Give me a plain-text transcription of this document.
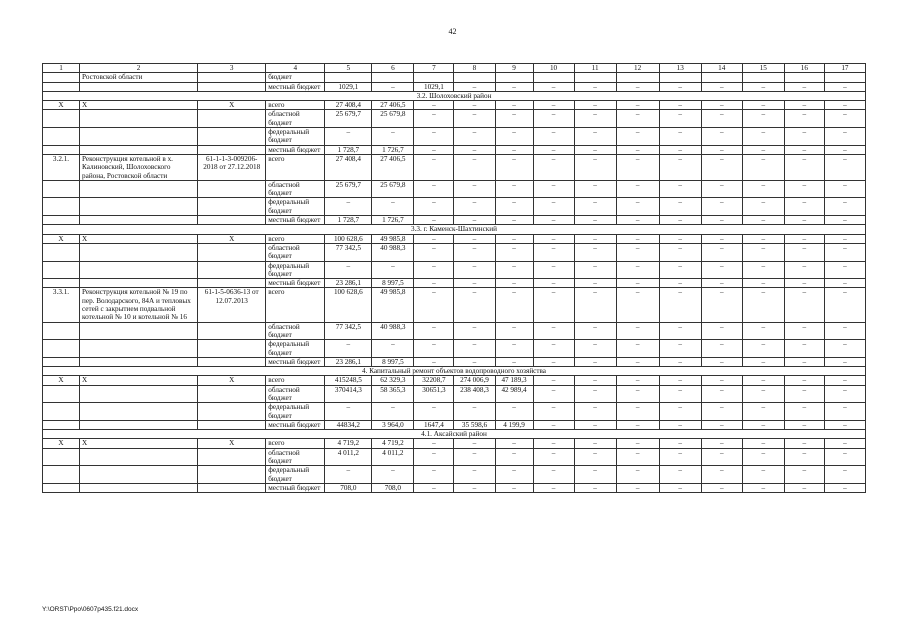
42
1	2	3	4	5	6	7	8	9	10	11	12	13	14	15	16	17
	Ростовской области		бюджет													
			местный бюджет	1029,1	–	1029,1	–	–	–	–	–	–	–	–	–	–
3.2. Шолоховский район																
Х	Х	Х	всего	27 408,4	27 406,5	–	–	–	–	–	–	–	–	–	–	–
			областной бюджет	25 679,7	25 679,8	–	–	–	–	–	–	–	–	–	–	–
			федеральный бюджет	–	–	–	–	–	–	–	–	–	–	–	–	–
			местный бюджет	1 728,7	1 726,7	–	–	–	–	–	–	–	–	–	–	–
3.2.1.	Реконструкция котельной в х. Калиновский, Шолоховского района, Ростовской области	61-1-1-3-009206-2018 от 27.12.2018	всего	27 408,4	27 406,5	–	–	–	–	–	–	–	–	–	–	–
			областной бюджет	25 679,7	25 679,8	–	–	–	–	–	–	–	–	–	–	–
			федеральный бюджет	–	–	–	–	–	–	–	–	–	–	–	–	–
			местный бюджет	1 728,7	1 726,7	–	–	–	–	–	–	–	–	–	–	–
3.3. г. Каменск-Шахтинский																
Х	Х	Х	всего	100 628,6	49 985,8	–	–	–	–	–	–	–	–	–	–	–
			областной бюджет	77 342,5	40 988,3	–	–	–	–	–	–	–	–	–	–	–
			федеральный бюджет	–	–	–	–	–	–	–	–	–	–	–	–	–
			местный бюджет	23 286,1	8 997,5	–	–	–	–	–	–	–	–	–	–	–
3.3.1.	Реконструкция котельной № 19 по пер. Володарского, 84А и тепловых сетей с закрытием подвальной котельной № 10 и котельной № 16	61-1-5-0636-13 от 12.07.2013	всего	100 628,6	49 985,8	–	–	–	–	–	–	–	–	–	–	–
			областной бюджет	77 342,5	40 988,3	–	–	–	–	–	–	–	–	–	–	–
			федеральный бюджет	–	–	–	–	–	–	–	–	–	–	–	–	–
			местный бюджет	23 286,1	8 997,5	–	–	–	–	–	–	–	–	–	–	–
4. Капитальный ремонт объектов водопроводного хозяйства																
Х	Х	Х	всего	415248,5	62 329,3	32208,7	274 006,9	47 189,3	–	–	–	–	–	–	–	–
			областной бюджет	370414,3	58 365,3	30651,3	238 408,3	42 989,4	–	–	–	–	–	–	–	–
			федеральный бюджет	–	–	–	–	–	–	–	–	–	–	–	–	–
			местный бюджет	44834,2	3 964,0	1647,4	35 598,6	4 199,9	–	–	–	–	–	–	–	–
4.1. Аксайский район																
Х	Х	Х	всего	4 719,2	4 719,2	–	–	–	–	–	–	–	–	–	–	–
			областной бюджет	4 011,2	4 011,2	–	–	–	–	–	–	–	–	–	–	–
			федеральный бюджет	–	–	–	–	–	–	–	–	–	–	–	–	–
			местный бюджет	708,0	708,0	–	–	–	–	–	–	–	–	–	–	–
Y:\ORST\Ppo\0607p435.f21.docx
